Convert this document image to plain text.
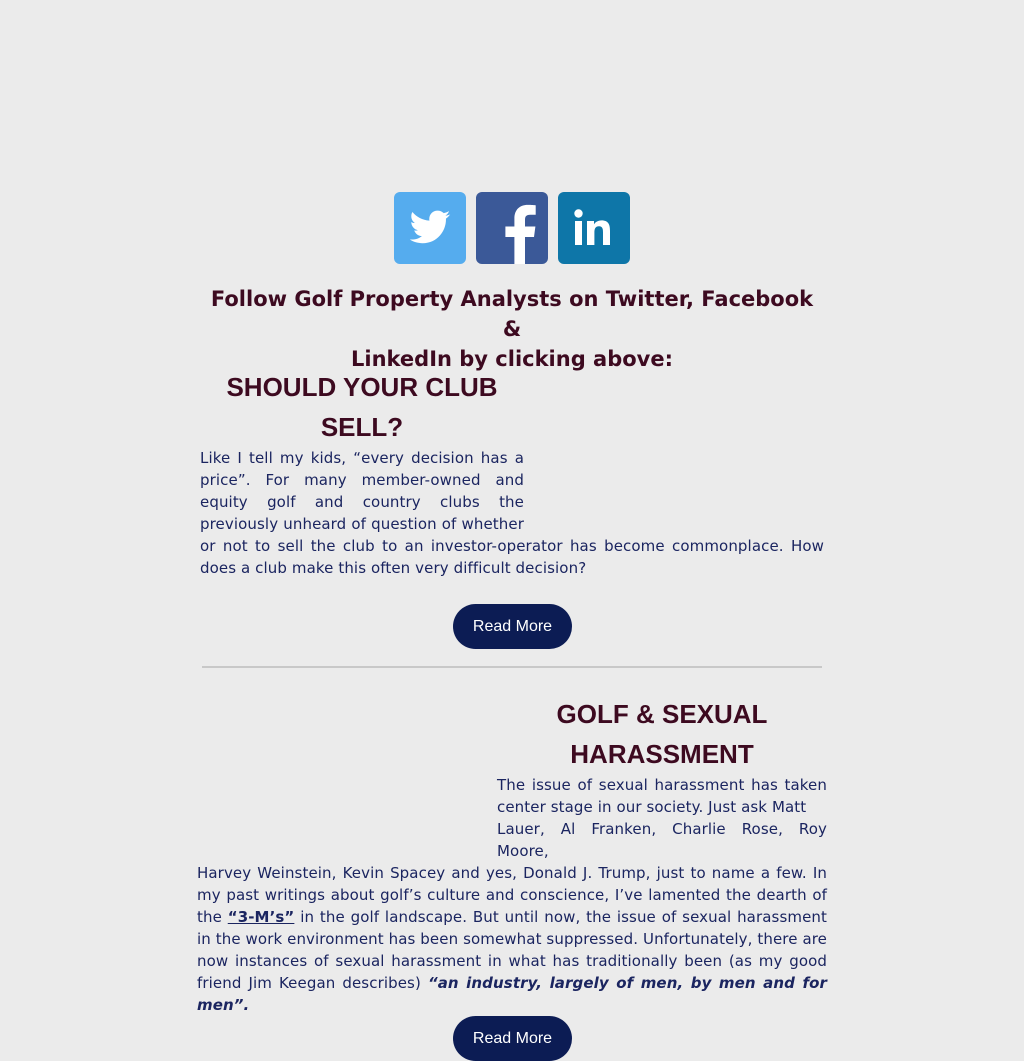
Follow Golf Property Analysts on Twitter, Facebook &
LinkedIn by clicking above:
SHOULD YOUR CLUB
SELL?
Like I tell my kids, “every decision has a
price”. For many member-owned and
equity golf and country clubs the
previously unheard of question of whether
or not to sell the club to an investor-operator has become commonplace. How
does a club make this often very difficult decision?
Read More
GOLF & SEXUAL
HARASSMENT
The issue of sexual harassment has taken
center stage in our society. Just ask Matt
Lauer, Al Franken, Charlie Rose, Roy Moore,
Harvey Weinstein, Kevin Spacey and yes, Donald J. Trump, just to name a few. In
my past writings about golf’s culture and conscience, I’ve lamented the dearth of
the “3-M’s” in the golf landscape. But until now, the issue of sexual harassment
in the work environment has been somewhat suppressed. Unfortunately, there are
now instances of sexual harassment in what has traditionally been (as my good
friend Jim Keegan describes) “an industry, largely of men, by men and for
men”.
Read More
